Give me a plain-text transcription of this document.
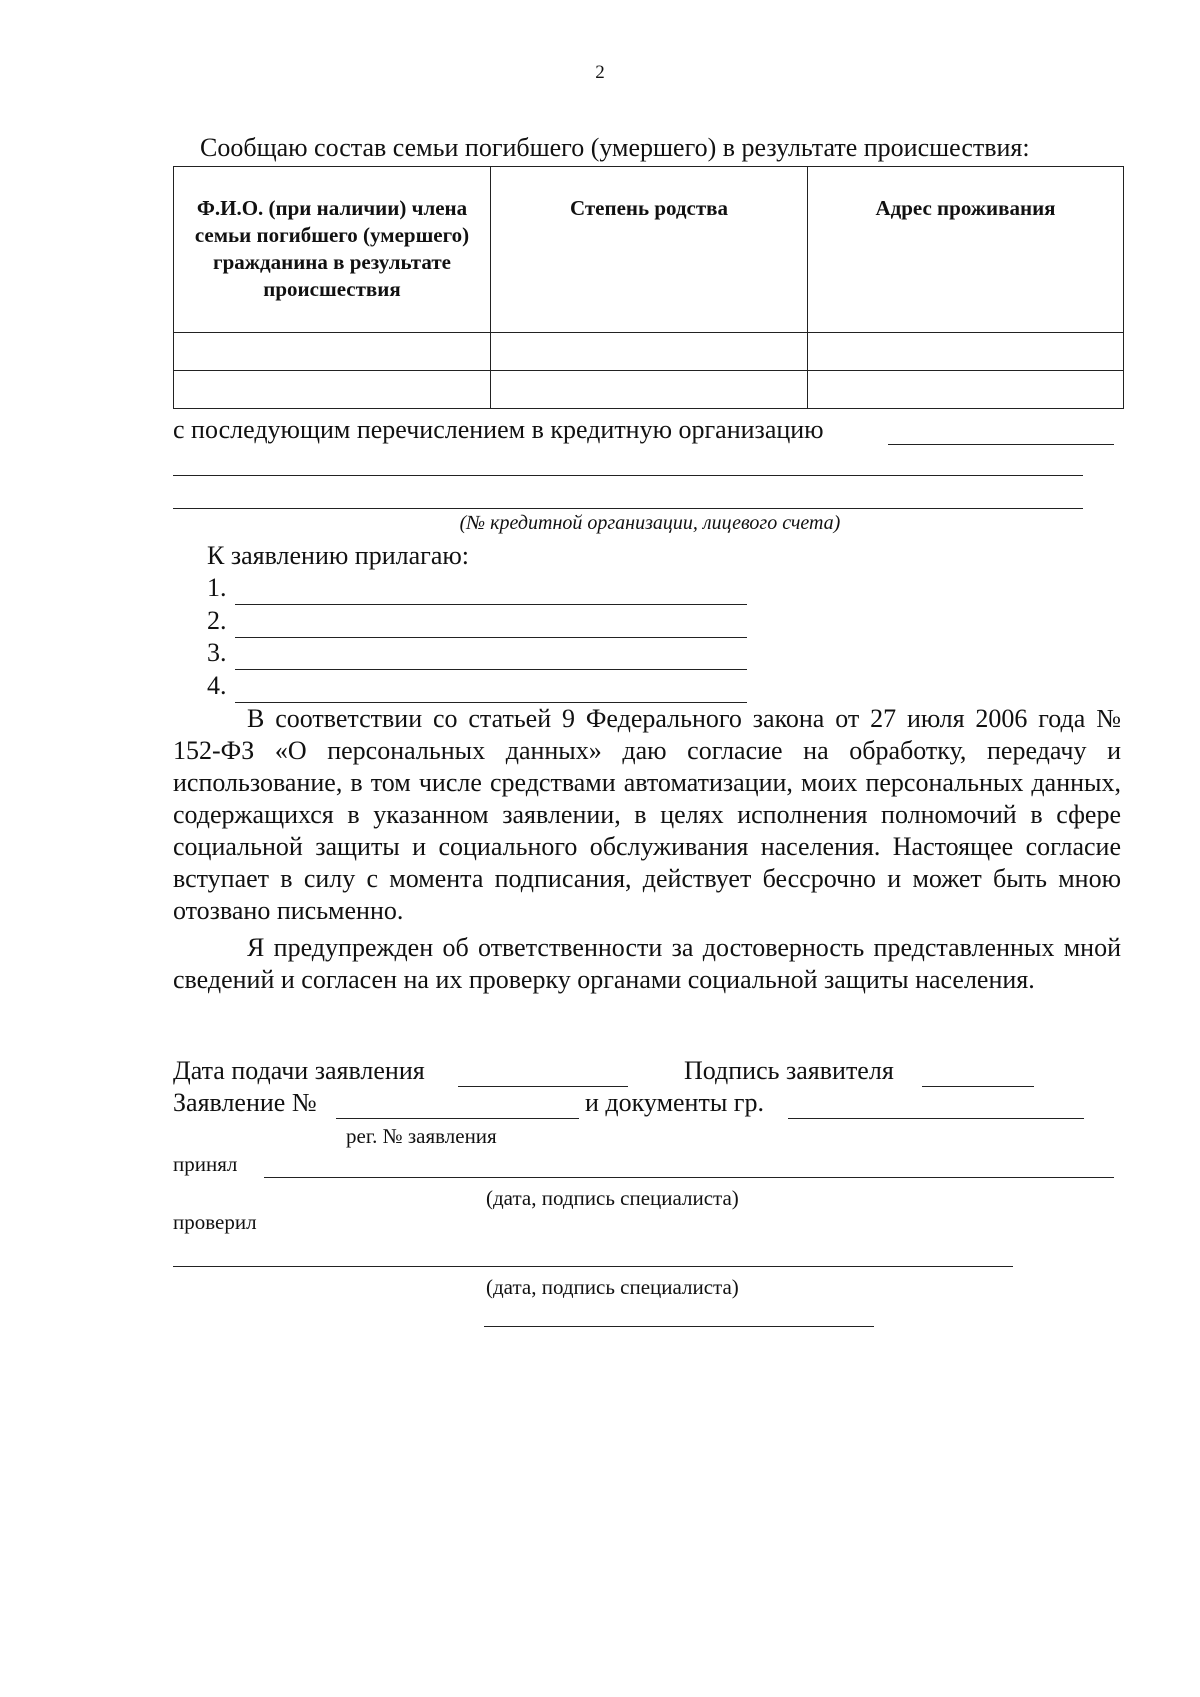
2
Сообщаю состав семьи погибшего (умершего) в результате происшествия:
Ф.И.О. (при наличии) члена семьи погибшего (умершего) гражданина в результате происшествия	Степень родства	Адрес проживания

с последующим перечислением в кредитную организацию
(№ кредитной организации, лицевого счета)
К заявлению прилагаю:
1.
2.
3.
4.
В соответствии со статьей 9 Федерального закона от 27 июля 2006 года № 152-ФЗ «О персональных данных» даю согласие на обработку, передачу и использование, в том числе средствами автоматизации, моих персональных данных, содержащихся в указанном заявлении, в целях исполнения полномочий в сфере социальной защиты и социального обслуживания населения. Настоящее согласие вступает в силу с момента подписания, действует бессрочно и может быть мною отозвано письменно.
Я предупрежден об ответственности за достоверность представленных мной сведений и согласен на их проверку органами социальной защиты населения.
Дата подачи заявления	Подпись заявителя
Заявление №	и документы гр.
рег. № заявления
принял
(дата, подпись специалиста)
проверил
(дата, подпись специалиста)
